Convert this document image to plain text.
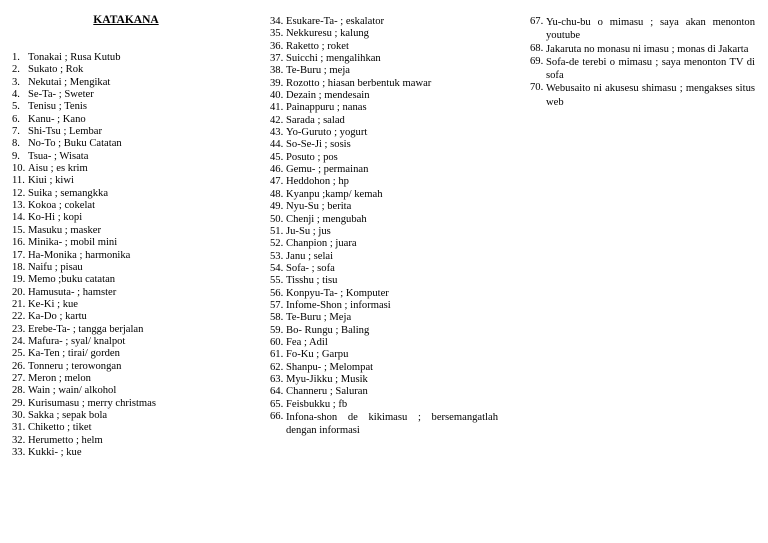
KATAKANA
1. Tonakai ; Rusa Kutub
2. Sukato ; Rok
3. Nekutai ; Mengikat
4. Se-Ta- ; Sweter
5. Tenisu ; Tenis
6. Kanu- ; Kano
7. Shi-Tsu ; Lembar
8. No-To ; Buku Catatan
9. Tsua- ; Wisata
10. Aisu ; es krim
11. Kiui ; kiwi
12. Suika ; semangkka
13. Kokoa ; cokelat
14. Ko-Hi ; kopi
15. Masuku ; masker
16. Minika- ; mobil mini
17. Ha-Monika ; harmonika
18. Naifu ; pisau
19. Memo ;buku catatan
20. Hamusuta- ; hamster
21. Ke-Ki ; kue
22. Ka-Do ; kartu
23. Erebe-Ta- ; tangga berjalan
24. Mafura- ; syal/ knalpot
25. Ka-Ten ; tirai/ gorden
26. Tonneru ; terowongan
27. Meron ; melon
28. Wain ; wain/ alkohol
29. Kurisumasu ; merry christmas
30. Sakka ; sepak bola
31. Chiketto ; tiket
32. Herumetto ; helm
33. Kukki- ; kue
34. Esukare-Ta- ; eskalator
35. Nekkuresu ; kalung
36. Raketto ; roket
37. Suicchi ; mengalihkan
38. Te-Buru ; meja
39. Rozotto ; hiasan berbentuk mawar
40. Dezain ; mendesain
41. Painappuru ; nanas
42. Sarada ; salad
43. Yo-Guruto ; yogurt
44. So-Se-Ji ; sosis
45. Posuto ; pos
46. Gemu- ; permainan
47. Heddohon ; hp
48. Kyanpu ;kamp/ kemah
49. Nyu-Su ; berita
50. Chenji ; mengubah
51. Ju-Su ; jus
52. Chanpion ; juara
53. Janu ; selai
54. Sofa- ; sofa
55. Tisshu ; tisu
56. Konpyu-Ta- ; Komputer
57. Infome-Shon ; informasi
58. Te-Buru ; Meja
59. Bo- Rungu ; Baling
60. Fea ; Adil
61. Fo-Ku ; Garpu
62. Shanpu- ; Melompat
63. Myu-Jikku ; Musik
64. Channeru ; Saluran
65. Feisbukku ; fb
66. Infona-shon de kikimasu ; bersemangatlah dengan informasi
67. Yu-chu-bu o mimasu ; saya akan menonton youtube
68. Jakaruta no monasu ni imasu ; monas di Jakarta
69. Sofa-de terebi o mimasu ; saya menonton TV di sofa
70. Webusaito ni akusesu shimasu ; mengakses situs web
